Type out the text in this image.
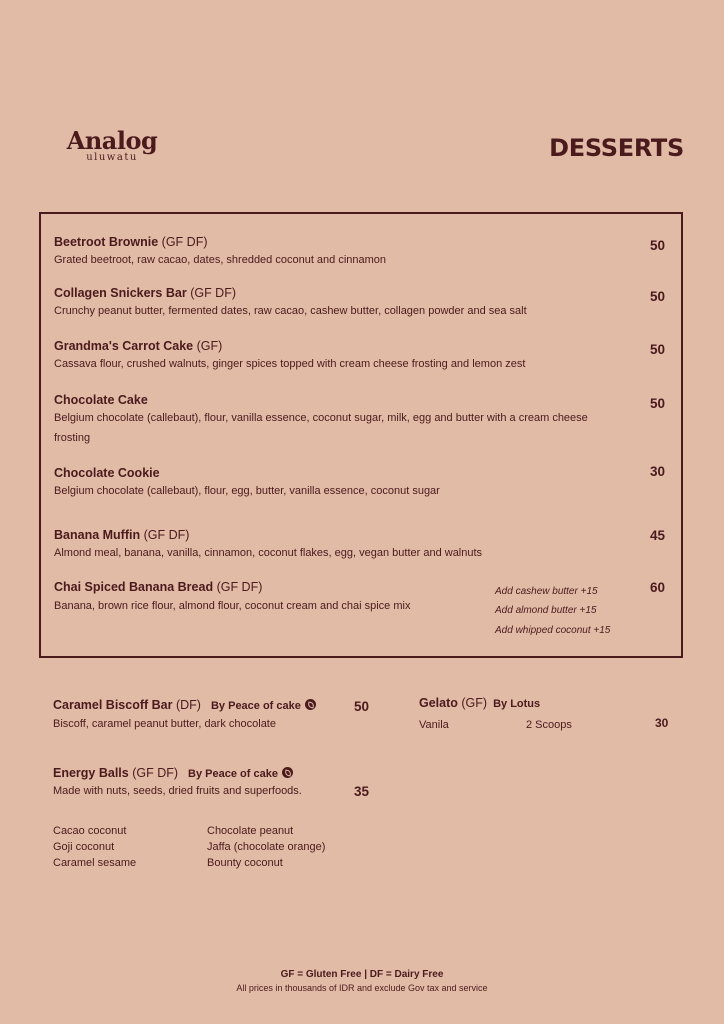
Analog
uluwatu	DESSERTS
Beetroot Brownie (GF DF)
Grated beetroot, raw cacao, dates, shredded coconut and cinnamon
50
Collagen Snickers Bar (GF DF)
Crunchy peanut butter, fermented dates, raw cacao, cashew butter, collagen powder and sea salt
50
Grandma's Carrot Cake (GF)
Cassava flour, crushed walnuts, ginger spices topped with cream cheese frosting and lemon zest
50
Chocolate Cake
Belgium chocolate (callebaut), flour, vanilla essence, coconut sugar, milk, egg and butter with a cream cheese frosting
50
Chocolate Cookie
Belgium chocolate (callebaut), flour, egg, butter, vanilla essence, coconut sugar
30
Banana Muffin (GF DF)
Almond meal, banana, vanilla, cinnamon, coconut flakes, egg, vegan butter and walnuts
45
Chai Spiced Banana Bread (GF DF)
Banana, brown rice flour, almond flour, coconut cream and chai spice mix
60
Add cashew butter +15
Add almond butter +15
Add whipped coconut +15
Caramel Biscoff Bar (DF) By Peace of cake
Biscoff, caramel peanut butter, dark chocolate
50	Gelato (GF) By Lotus
Vanila	2 Scoops	30
Energy Balls (GF DF) By Peace of cake
Made with nuts, seeds, dried fruits and superfoods.	35
Cacao coconut
Goji coconut
Caramel sesame
Chocolate peanut
Jaffa (chocolate orange)
Bounty coconut
GF = Gluten Free | DF = Dairy Free
All prices in thousands of IDR and exclude Gov tax and service
